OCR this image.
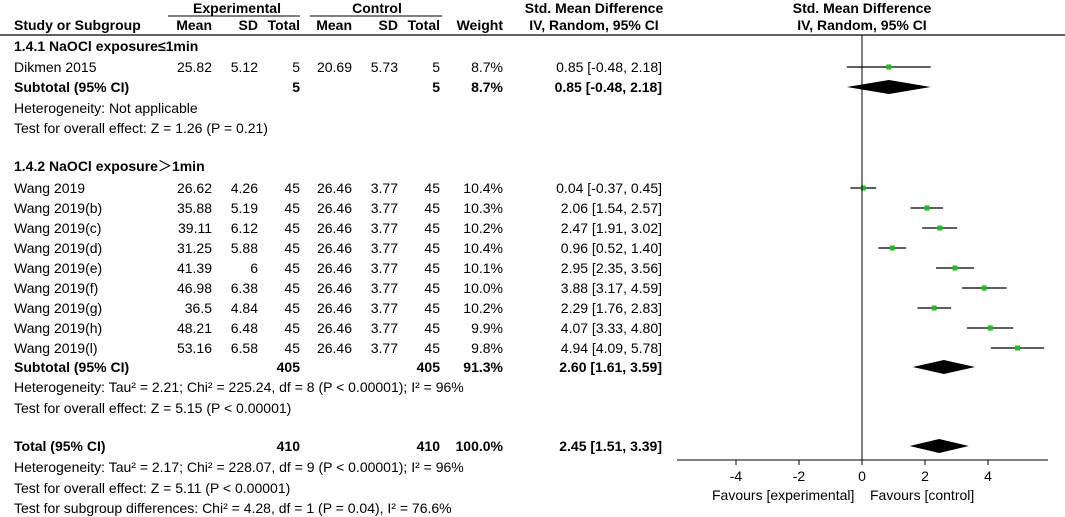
Experimental	Control	Std. Mean Difference
IV, Random, 95% CI
Std. Mean Difference
IV, Random, 95% CI
Study or Subgroup	Mean	SD Total	Mean	SD Total	Weight
1.4.1 NaOCl exposure≤1min
Dikmen 2015	25.82	5.12	5	20.69	5.73	5	8.7%	0.85 [-0.48, 2.18]
Subtotal (95% CI)	5	5	8.7%	0.85 [-0.48, 2.18]
Heterogeneity: Not applicable
Test for overall effect: Z = 1.26 (P = 0.21)
1.4.2 NaOCl exposure＞1min
Wang 2019	26.62	4.26	45	26.46	3.77	45	10.4%	0.04 [-0.37, 0.45]
Wang 2019(b)	35.88	5.19	45	26.46	3.77	45	10.3%	2.06 [1.54, 2.57]
Wang 2019(c)	39.11	6.12	45	26.46	3.77	45	10.2%	2.47 [1.91, 3.02]
Wang 2019(d)	31.25	5.88	45	26.46	3.77	45	10.4%	0.96 [0.52, 1.40]
Wang 2019(e)	41.39	6	45	26.46	3.77	45	10.1%	2.95 [2.35, 3.56]
Wang 2019(f)	46.98	6.38	45	26.46	3.77	45	10.0%	3.88 [3.17, 4.59]
Wang 2019(g)	36.5	4.84	45	26.46	3.77	45	10.2%	2.29 [1.76, 2.83]
Wang 2019(h)	48.21	6.48	45	26.46	3.77	45	9.9%	4.07 [3.33, 4.80]
Wang 2019(l)	53.16	6.58	45	26.46	3.77	45	9.8%	4.94 [4.09, 5.78]
Subtotal (95% CI)	405	405	91.3%	2.60 [1.61, 3.59]
Heterogeneity: Tau² = 2.21; Chi² = 225.24, df = 8 (P < 0.00001); I² = 96%
Test for overall effect: Z = 5.15 (P < 0.00001)
Total (95% CI)	410	410	100.0%	2.45 [1.51, 3.39]
Heterogeneity: Tau² = 2.17; Chi² = 228.07, df = 9 (P < 0.00001); I² = 96%
Test for overall effect: Z = 5.11 (P < 0.00001)
Test for subgroup differences: Chi² = 4.28, df = 1 (P = 0.04), I² = 76.6%
-4	-2	0	2	4
Favours [experimental] Favours [control]
